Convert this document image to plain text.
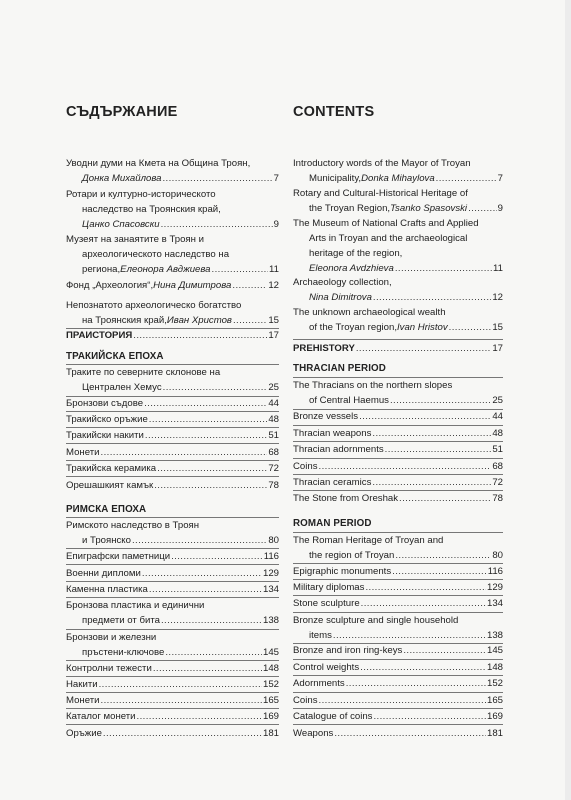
СЪДЪРЖАНИЕ
Уводни думи на Кмета на Община Троян,
Донка Михайлова .....	7
Ротари и културно-историческото
наследство на Троянския край,
Цанко Спасовски .....	9
Музеят на занаятите в Троян и
археологическото наследство на
региона, Елеонора Авджиева .....	11
Фонд „Археология“, Нина Димитрова .....	12
Непознатото археологическо богатство
на Троянския край, Иван Христов .....	15
ПРАИСТОРИЯ .....	17
ТРАКИЙСКА ЕПОХА
Траките по северните склонове на
Централен Хемус .....	25
Бронзови съдове .....	44
Тракийско оръжие .....	48
Тракийски накити .....	51
Монети .....	68
Тракийска керамика .....	72
Орешашкият камък .....	78
РИМСКА ЕПОХА
Римското наследство в Троян
и Троянско .....	80
Епиграфски паметници .....	116
Военни дипломи .....	129
Каменна пластика .....	134
Бронзова пластика и единични
предмети от бита .....	138
Бронзови и железни
пръстени-ключове .....	145
Контролни тежести .....	148
Накити .....	152
Монети .....	165
Каталог монети .....	169
Оръжие .....	181
CONTENTS
Introductory words of the Mayor of Troyan
Municipality, Donka Mihaylova .....	7
Rotary and Cultural-Historical Heritage of
the Troyan Region, Tsanko Spasovski .....	9
The Museum of National Crafts and Applied
Arts in Troyan and the archaeological
heritage of the region,
Eleonora Avdzhieva .....	11
Archaeology collection,
Nina Dimitrova .....	12
The unknown archaeological wealth
of the Troyan region, Ivan Hristov .....	15
PREHISTORY .....	17
THRACIAN PERIOD
The Thracians on the northern slopes
of Central Haemus .....	25
Bronze vessels .....	44
Thracian weapons .....	48
Thracian adornments .....	51
Coins .....	68
Thracian ceramics .....	72
The Stone from Oreshak .....	78
ROMAN PERIOD
The Roman Heritage of Troyan and
the region of Troyan .....	80
Epigraphic monuments .....	116
Military diplomas .....	129
Stone sculpture .....	134
Bronze sculpture and single household
items .....	138
Bronze and iron ring-keys .....	145
Control weights .....	148
Adornments .....	152
Coins .....	165
Catalogue of coins .....	169
Weapons .....	181
